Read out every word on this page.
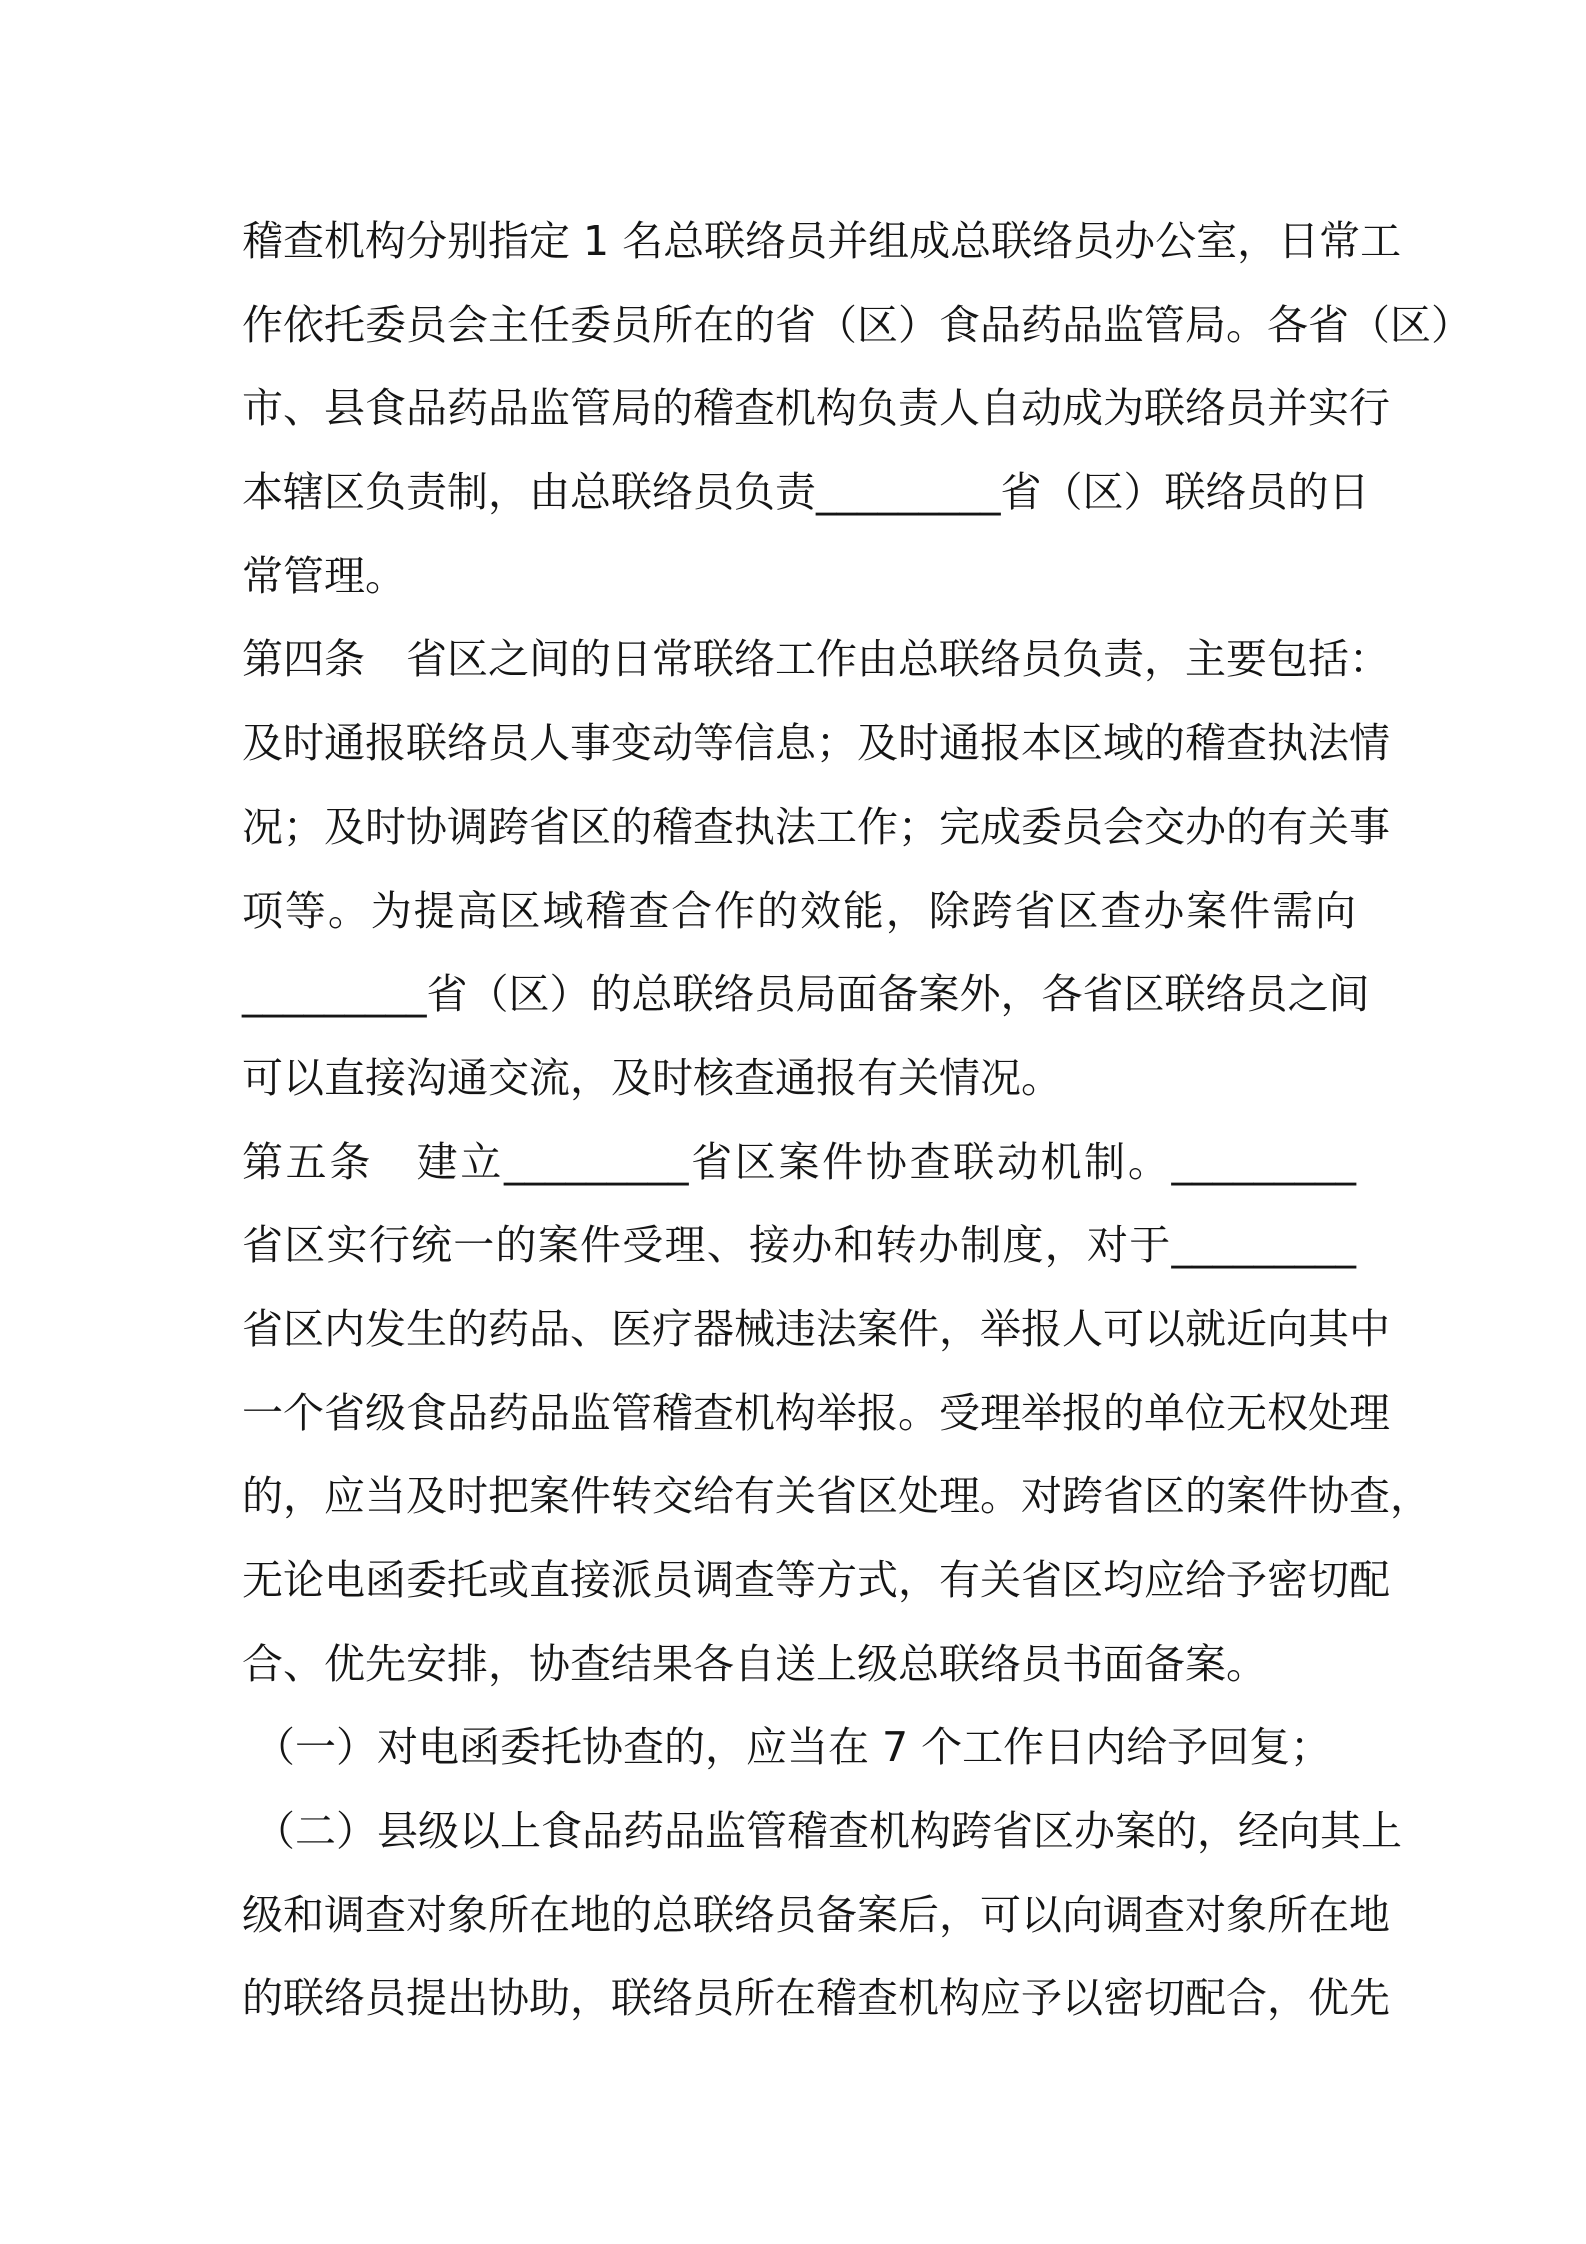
稽查机构分别指定 1 名总联络员并组成总联络员办公室，日常工
作依托委员会主任委员所在的省（区）食品药品监管局。各省（区）
市、县食品药品监管局的稽查机构负责人自动成为联络员并实行
本辖区负责制，由总联络员负责_________省（区）联络员的日
常管理。
第四条　省区之间的日常联络工作由总联络员负责，主要包括：
及时通报联络员人事变动等信息；及时通报本区域的稽查执法情
况；及时协调跨省区的稽查执法工作；完成委员会交办的有关事
项等。为提高区域稽查合作的效能，除跨省区查办案件需向
_________省（区）的总联络员局面备案外，各省区联络员之间
可以直接沟通交流，及时核查通报有关情况。
第五条　建立_________省区案件协查联动机制。_________
省区实行统一的案件受理、接办和转办制度，对于_________
省区内发生的药品、医疗器械违法案件，举报人可以就近向其中
一个省级食品药品监管稽查机构举报。受理举报的单位无权处理
的，应当及时把案件转交给有关省区处理。对跨省区的案件协查，
无论电函委托或直接派员调查等方式，有关省区均应给予密切配
合、优先安排，协查结果各自送上级总联络员书面备案。
（一）对电函委托协查的，应当在 7 个工作日内给予回复；
（二）县级以上食品药品监管稽查机构跨省区办案的，经向其上
级和调查对象所在地的总联络员备案后，可以向调查对象所在地
的联络员提出协助，联络员所在稽查机构应予以密切配合，优先
